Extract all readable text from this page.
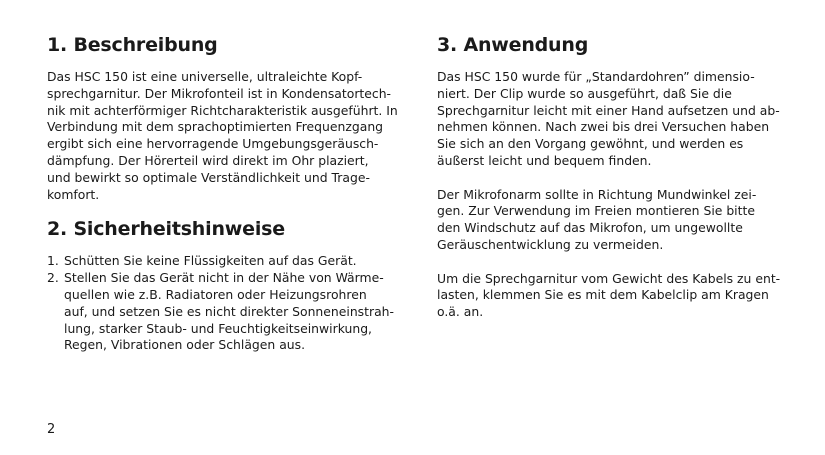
1. Beschreibung

Das HSC 150 ist eine universelle, ultraleichte Kopf-
sprechgarnitur. Der Mikrofonteil ist in Kondensatortech-
nik mit achterförmiger Richtcharakteristik ausgeführt. In
Verbindung mit dem sprachoptimierten Frequenzgang
ergibt sich eine hervorragende Umgebungsgeräusch-
dämpfung. Der Hörerteil wird direkt im Ohr plaziert,
und bewirkt so optimale Verständlichkeit und Trage-
komfort.

2. Sicherheitshinweise
1. Schütten Sie keine Flüssigkeiten auf das Gerät.
2. Stellen Sie das Gerät nicht in der Nähe von Wärme-
quellen wie z.B. Radiatoren oder Heizungsrohren
auf, und setzen Sie es nicht direkter Sonneneinstrah-
lung, starker Staub- und Feuchtigkeitseinwirkung,
Regen, Vibrationen oder Schlägen aus.
3. Anwendung

Das HSC 150 wurde für „Standardohren” dimensio-
niert. Der Clip wurde so ausgeführt, daß Sie die
Sprechgarnitur leicht mit einer Hand aufsetzen und ab-
nehmen können. Nach zwei bis drei Versuchen haben
Sie sich an den Vorgang gewöhnt, und werden es
äußerst leicht und bequem finden.

Der Mikrofonarm sollte in Richtung Mundwinkel zei-
gen. Zur Verwendung im Freien montieren Sie bitte
den Windschutz auf das Mikrofon, um ungewollte
Geräuschentwicklung zu vermeiden.

Um die Sprechgarnitur vom Gewicht des Kabels zu ent-
lasten, klemmen Sie es mit dem Kabelclip am Kragen
o.ä. an.

2
